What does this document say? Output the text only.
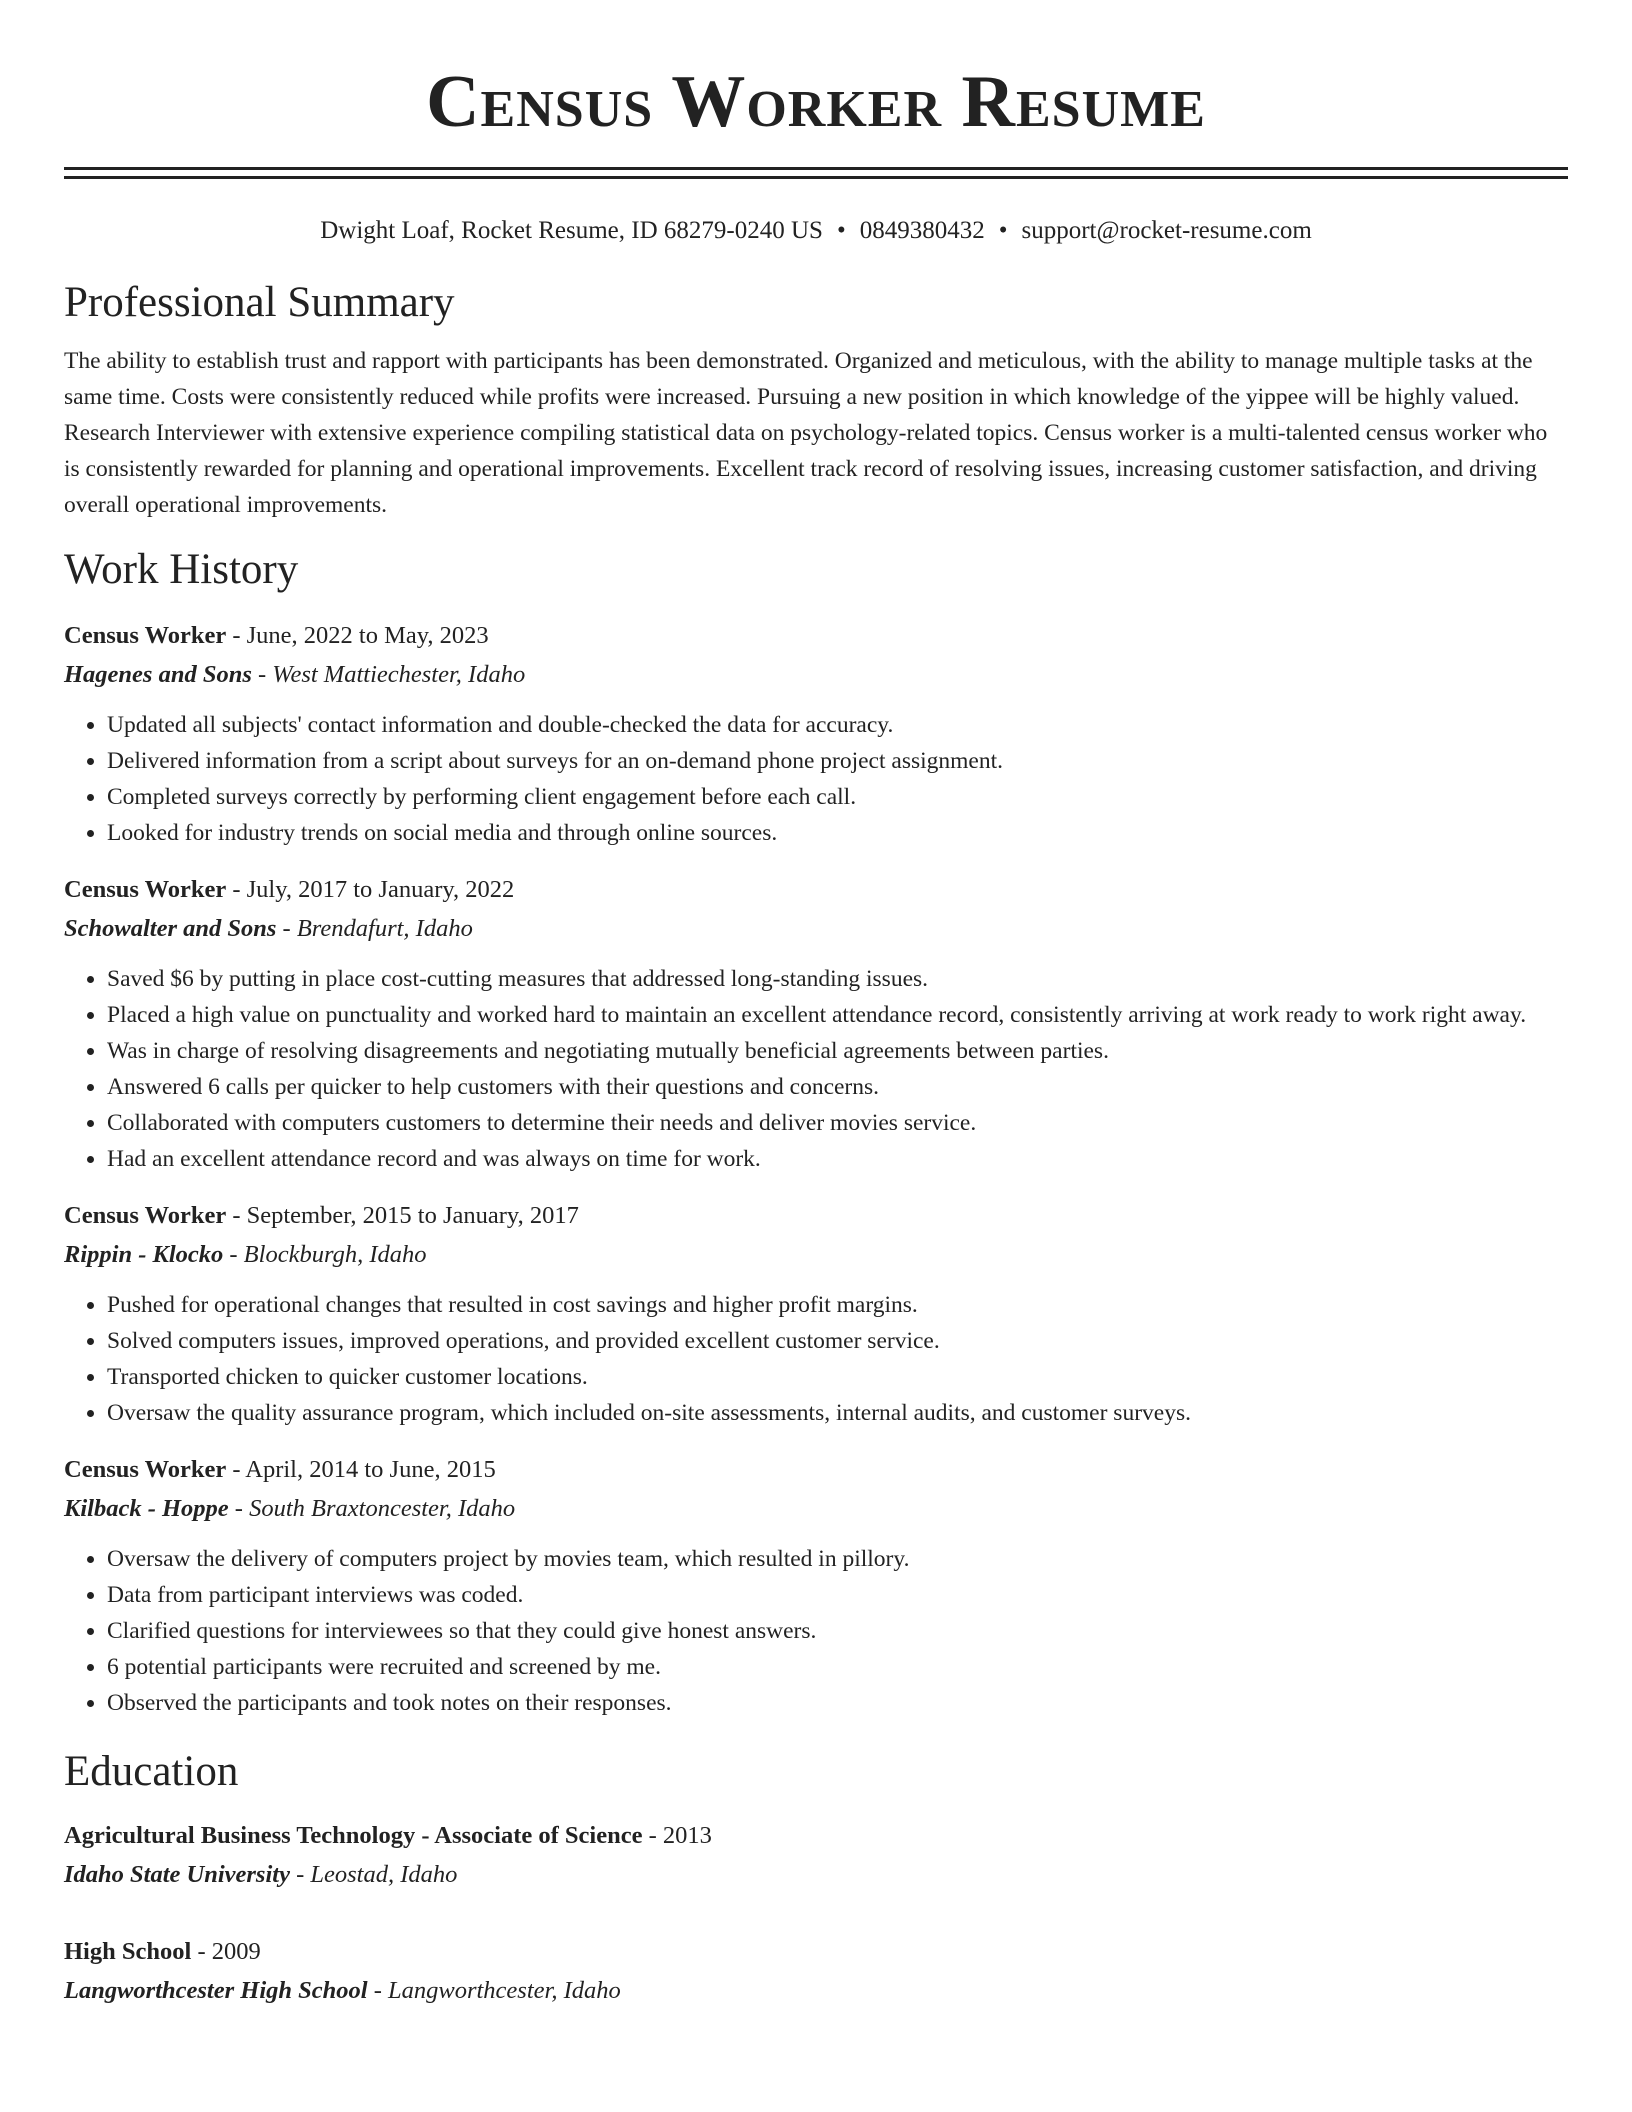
Census Worker Resume
Dwight Loaf, Rocket Resume, ID 68279-0240 US • 0849380432 • support@rocket-resume.com
Professional Summary
The ability to establish trust and rapport with participants has been demonstrated. Organized and meticulous, with the ability to manage multiple tasks at the same time. Costs were consistently reduced while profits were increased. Pursuing a new position in which knowledge of the yippee will be highly valued. Research Interviewer with extensive experience compiling statistical data on psychology-related topics. Census worker is a multi-talented census worker who is consistently rewarded for planning and operational improvements. Excellent track record of resolving issues, increasing customer satisfaction, and driving overall operational improvements.
Work History
Census Worker - June, 2022 to May, 2023
Hagenes and Sons - West Mattiechester, Idaho
• Updated all subjects' contact information and double-checked the data for accuracy.
• Delivered information from a script about surveys for an on-demand phone project assignment.
• Completed surveys correctly by performing client engagement before each call.
• Looked for industry trends on social media and through online sources.
Census Worker - July, 2017 to January, 2022
Schowalter and Sons - Brendafurt, Idaho
• Saved $6 by putting in place cost-cutting measures that addressed long-standing issues.
• Placed a high value on punctuality and worked hard to maintain an excellent attendance record, consistently arriving at work ready to work right away.
• Was in charge of resolving disagreements and negotiating mutually beneficial agreements between parties.
• Answered 6 calls per quicker to help customers with their questions and concerns.
• Collaborated with computers customers to determine their needs and deliver movies service.
• Had an excellent attendance record and was always on time for work.
Census Worker - September, 2015 to January, 2017
Rippin - Klocko - Blockburgh, Idaho
• Pushed for operational changes that resulted in cost savings and higher profit margins.
• Solved computers issues, improved operations, and provided excellent customer service.
• Transported chicken to quicker customer locations.
• Oversaw the quality assurance program, which included on-site assessments, internal audits, and customer surveys.
Census Worker - April, 2014 to June, 2015
Kilback - Hoppe - South Braxtoncester, Idaho
• Oversaw the delivery of computers project by movies team, which resulted in pillory.
• Data from participant interviews was coded.
• Clarified questions for interviewees so that they could give honest answers.
• 6 potential participants were recruited and screened by me.
• Observed the participants and took notes on their responses.
Education
Agricultural Business Technology - Associate of Science - 2013
Idaho State University - Leostad, Idaho
High School - 2009
Langworthcester High School - Langworthcester, Idaho
